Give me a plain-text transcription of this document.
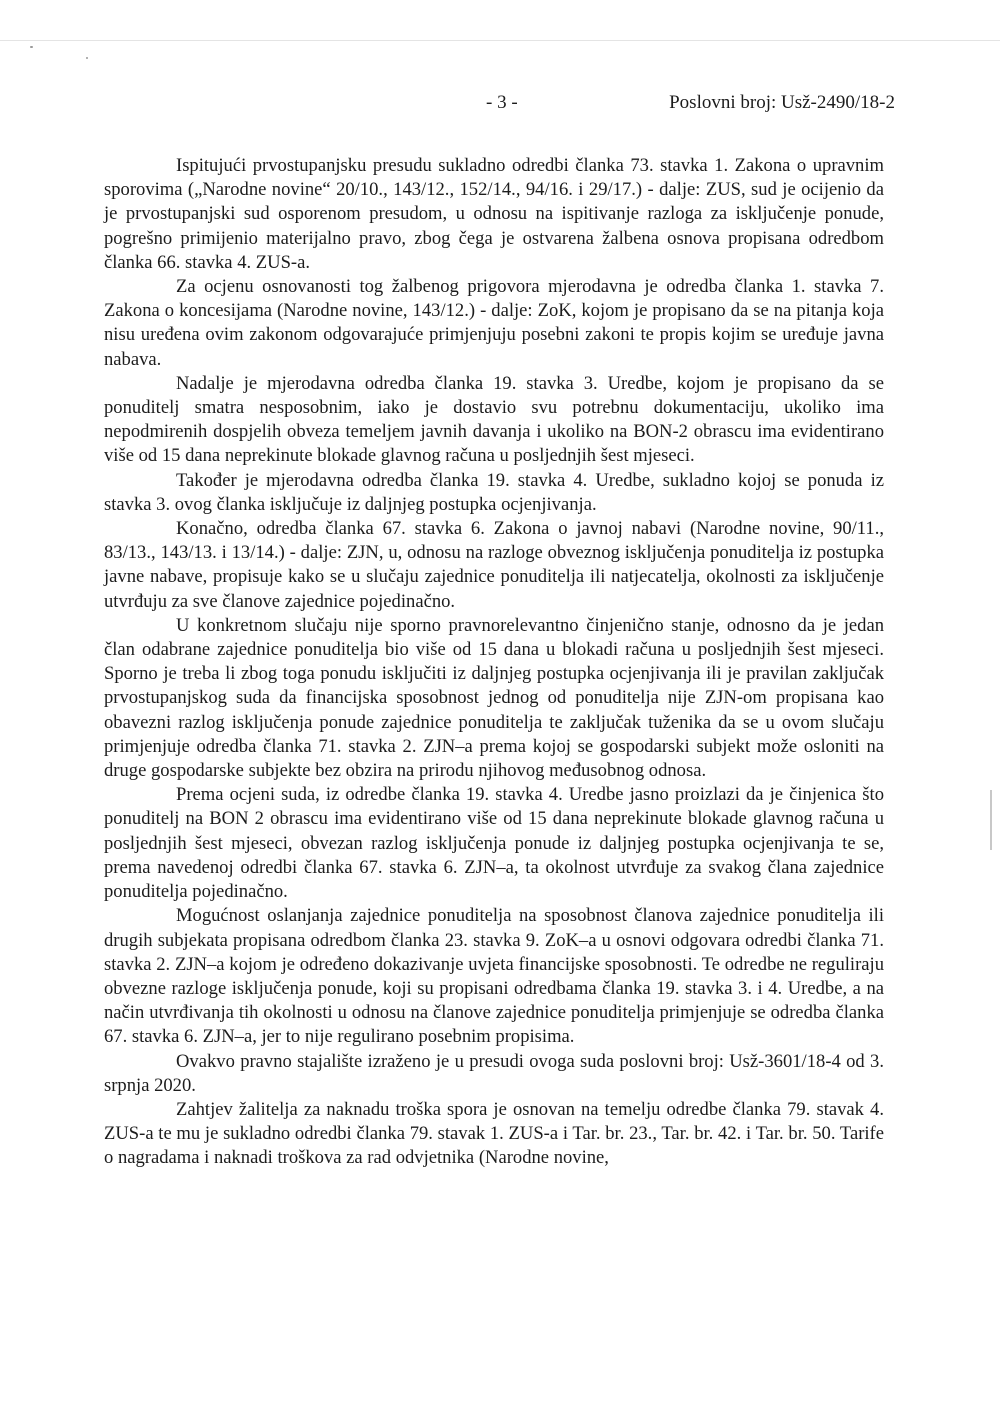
- 3 -	Poslovni broj: Usž-2490/18-2

Ispitujući prvostupanjsku presudu sukladno odredbi članka 73. stavka 1. Zakona o upravnim sporovima („Narodne novine“ 20/10., 143/12., 152/14., 94/16. i 29/17.) - dalje: ZUS, sud je ocijenio da je prvostupanjski sud osporenom presudom, u odnosu na ispitivanje razloga za isključenje ponude, pogrešno primijenio materijalno pravo, zbog čega je ostvarena žalbena osnova propisana odredbom članka 66. stavka 4. ZUS-a.

Za ocjenu osnovanosti tog žalbenog prigovora mjerodavna je odredba članka 1. stavka 7. Zakona o koncesijama (Narodne novine, 143/12.) - dalje: ZoK, kojom je propisano da se na pitanja koja nisu uređena ovim zakonom odgovarajuće primjenjuju posebni zakoni te propis kojim se uređuje javna nabava.

Nadalje je mjerodavna odredba članka 19. stavka 3. Uredbe, kojom je propisano da se ponuditelj smatra nesposobnim, iako je dostavio svu potrebnu dokumentaciju, ukoliko ima nepodmirenih dospjelih obveza temeljem javnih davanja i ukoliko na BON-2 obrascu ima evidentirano više od 15 dana neprekinute blokade glavnog računa u posljednjih šest mjeseci.

Također je mjerodavna odredba članka 19. stavka 4. Uredbe, sukladno kojoj se ponuda iz stavka 3. ovog članka isključuje iz daljnjeg postupka ocjenjivanja.

Konačno, odredba članka 67. stavka 6. Zakona o javnoj nabavi (Narodne novine, 90/11., 83/13., 143/13. i 13/14.) - dalje: ZJN, u, odnosu na razloge obveznog isključenja ponuditelja iz postupka javne nabave, propisuje kako se u slučaju zajednice ponuditelja ili natjecatelja, okolnosti za isključenje utvrđuju za sve članove zajednice pojedinačno.

U konkretnom slučaju nije sporno pravnorelevantno činjenično stanje, odnosno da je jedan član odabrane zajednice ponuditelja bio više od 15 dana u blokadi računa u posljednjih šest mjeseci. Sporno je treba li zbog toga ponudu isključiti iz daljnjeg postupka ocjenjivanja ili je pravilan zaključak prvostupanjskog suda da financijska sposobnost jednog od ponuditelja nije ZJN-om propisana kao obavezni razlog isključenja ponude zajednice ponuditelja te zaključak tuženika da se u ovom slučaju primjenjuje odredba članka 71. stavka 2. ZJN–a prema kojoj se gospodarski subjekt može osloniti na druge gospodarske subjekte bez obzira na prirodu njihovog međusobnog odnosa.

Prema ocjeni suda, iz odredbe članka 19. stavka 4. Uredbe jasno proizlazi da je činjenica što ponuditelj na BON 2 obrascu ima evidentirano više od 15 dana neprekinute blokade glavnog računa u posljednjih šest mjeseci, obvezan razlog isključenja ponude iz daljnjeg postupka ocjenjivanja te se, prema navedenoj odredbi članka 67. stavka 6. ZJN–a, ta okolnost utvrđuje za svakog člana zajednice ponuditelja pojedinačno.

Mogućnost oslanjanja zajednice ponuditelja na sposobnost članova zajednice ponuditelja ili drugih subjekata propisana odredbom članka 23. stavka 9. ZoK–a u osnovi odgovara odredbi članka 71. stavka 2. ZJN–a kojom je određeno dokazivanje uvjeta financijske sposobnosti. Te odredbe ne reguliraju obvezne razloge isključenja ponude, koji su propisani odredbama članka 19. stavka 3. i 4. Uredbe, a na način utvrđivanja tih okolnosti u odnosu na članove zajednice ponuditelja primjenjuje se odredba članka 67. stavka 6. ZJN–a, jer to nije regulirano posebnim propisima.

Ovakvo pravno stajalište izraženo je u presudi ovoga suda poslovni broj: Usž-3601/18-4 od 3. srpnja 2020.

Zahtjev žalitelja za naknadu troška spora je osnovan na temelju odredbe članka 79. stavak 4. ZUS-a te mu je sukladno odredbi članka 79. stavak 1. ZUS-a i Tar. br. 23., Tar. br. 42. i Tar. br. 50. Tarife o nagradama i naknadi troškova za rad odvjetnika (Narodne novine,
